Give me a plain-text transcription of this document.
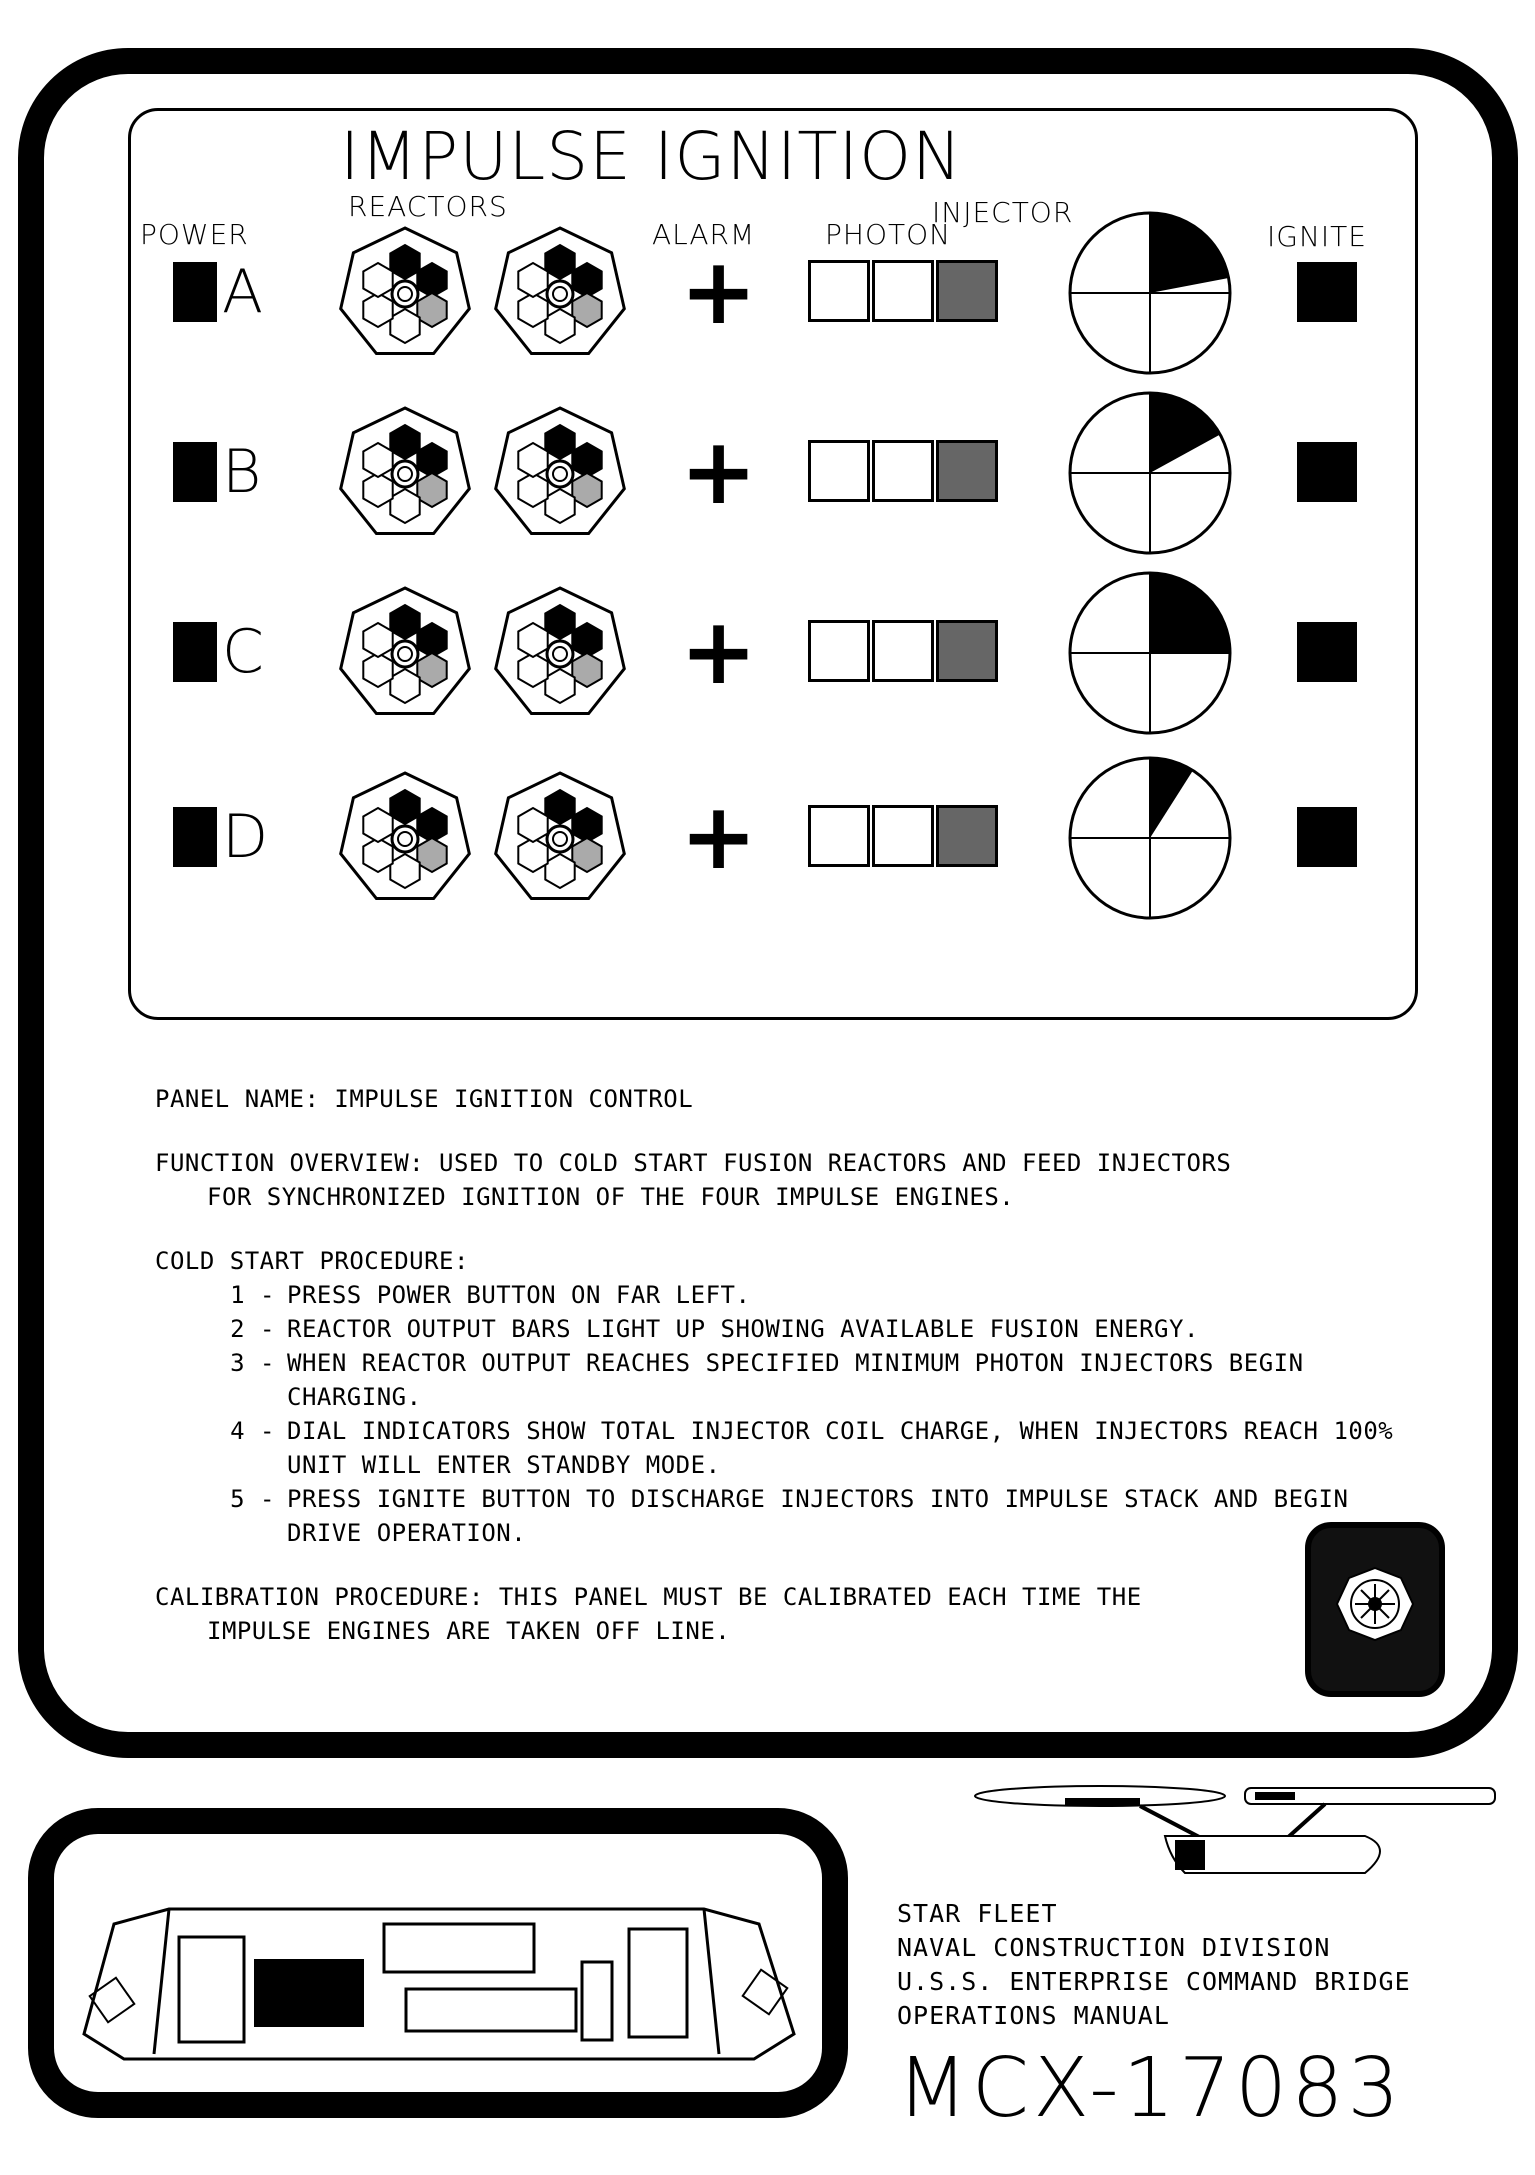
IMPULSE IGNITION
POWER
REACTORS
ALARM PHOTON
INJECTOR
IGNITE
A	+
B	+
C	+
D	+

PANEL NAME: IMPULSE IGNITION CONTROL

FUNCTION OVERVIEW: USED TO COLD START FUSION REACTORS AND FEED INJECTORS

FOR SYNCHRONIZED IGNITION OF THE FOUR IMPULSE ENGINES.

COLD START PROCEDURE:
1 - PRESS POWER BUTTON ON FAR LEFT.
2 - REACTOR OUTPUT BARS LIGHT UP SHOWING AVAILABLE FUSION ENERGY.
3 - WHEN REACTOR OUTPUT REACHES SPECIFIED MINIMUM PHOTON INJECTORS BEGIN CHARGING.
4 - DIAL INDICATORS SHOW TOTAL INJECTOR COIL CHARGE, WHEN INJECTORS REACH 100% UNIT WILL ENTER STANDBY MODE.
5 - PRESS IGNITE BUTTON TO DISCHARGE INJECTORS INTO IMPULSE STACK AND BEGIN DRIVE OPERATION.
CALIBRATION PROCEDURE: THIS PANEL MUST BE CALIBRATED EACH TIME THE
IMPULSE ENGINES ARE TAKEN OFF LINE.
STAR FLEET
NAVAL CONSTRUCTION DIVISION
U.S.S. ENTERPRISE COMMAND BRIDGE
OPERATIONS MANUAL
MCX-17083
